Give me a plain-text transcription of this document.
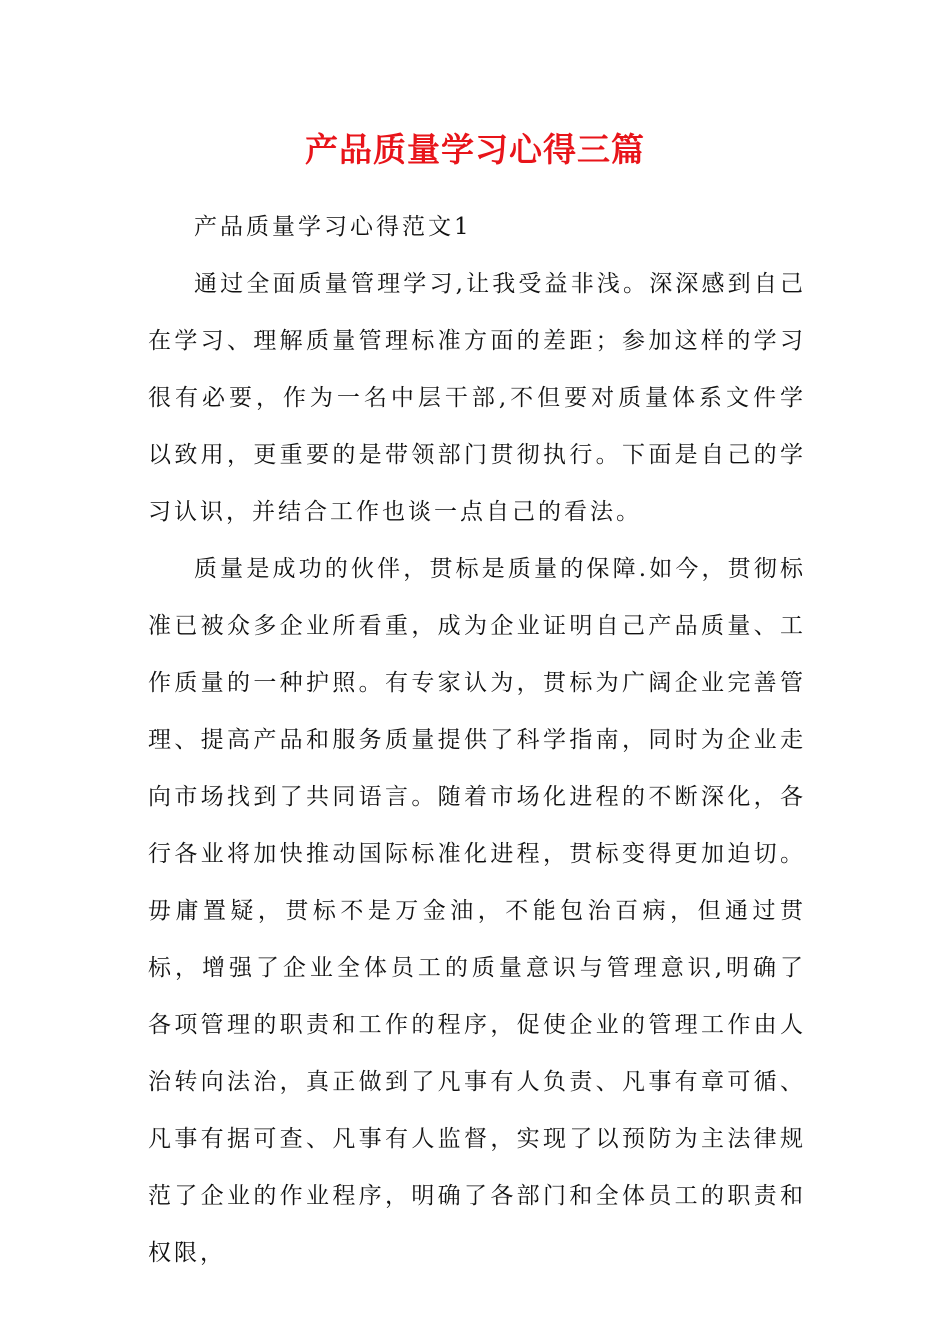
产品质量学习心得三篇

产品质量学习心得范文1

通过全面质量管理学习,让我受益非浅。深深感到自己在学习、理解质量管理标准方面的差距；参加这样的学习很有必要，作为一名中层干部,不但要对质量体系文件学以致用，更重要的是带领部门贯彻执行。下面是自己的学习认识，并结合工作也谈一点自己的看法。

质量是成功的伙伴，贯标是质量的保障.如今，贯彻标准已被众多企业所看重，成为企业证明自己产品质量、工作质量的一种护照。有专家认为，贯标为广阔企业完善管理、提高产品和服务质量提供了科学指南，同时为企业走向市场找到了共同语言。随着市场化进程的不断深化，各行各业将加快推动国际标准化进程，贯标变得更加迫切。毋庸置疑，贯标不是万金油，不能包治百病，但通过贯标，增强了企业全体员工的质量意识与管理意识,明确了各项管理的职责和工作的程序，促使企业的管理工作由人治转向法治，真正做到了凡事有人负责、凡事有章可循、凡事有据可查、凡事有人监督，实现了以预防为主法律规范了企业的作业程序，明确了各部门和全体员工的职责和权限，
